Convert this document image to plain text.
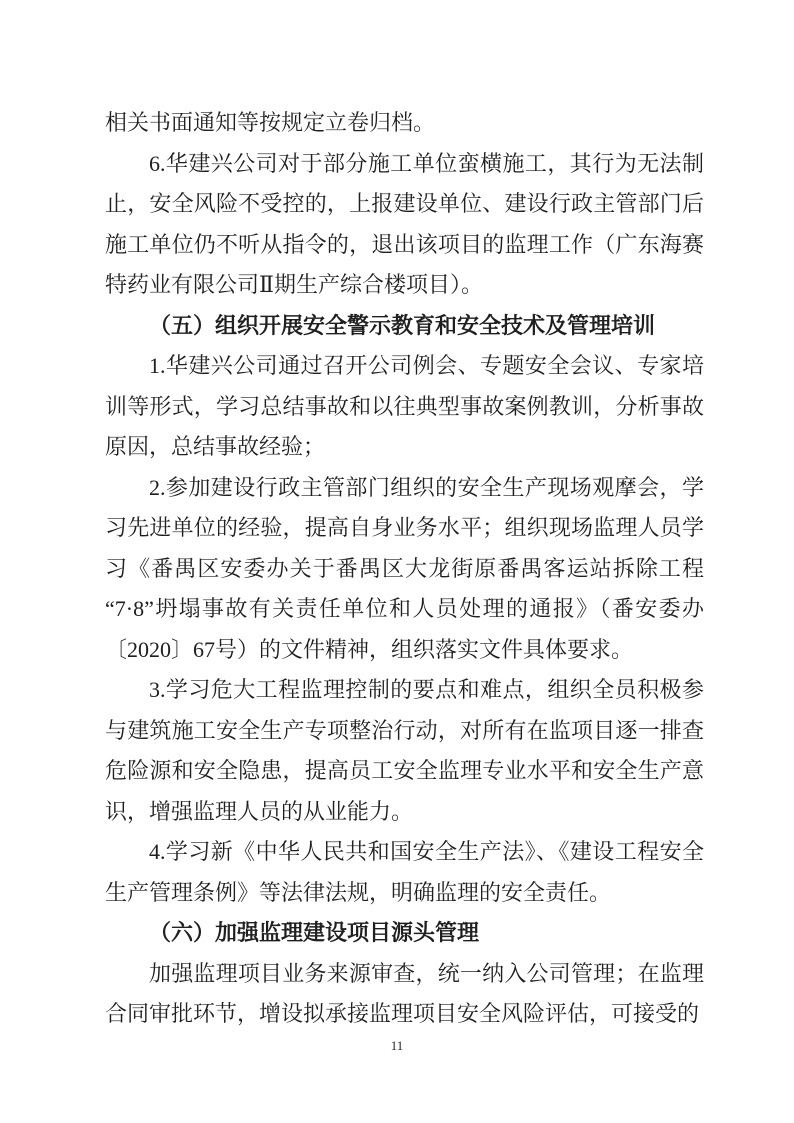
相关书面通知等按规定立卷归档。

6.华建兴公司对于部分施工单位蛮横施工，其行为无法制止，安全风险不受控的，上报建设单位、建设行政主管部门后施工单位仍不听从指令的，退出该项目的监理工作（广东海赛特药业有限公司Ⅱ期生产综合楼项目）。

（五）组织开展安全警示教育和安全技术及管理培训

1.华建兴公司通过召开公司例会、专题安全会议、专家培训等形式，学习总结事故和以往典型事故案例教训，分析事故原因，总结事故经验；

2.参加建设行政主管部门组织的安全生产现场观摩会，学习先进单位的经验，提高自身业务水平；组织现场监理人员学习《番禺区安委办关于番禺区大龙街原番禺客运站拆除工程“7·8”坍塌事故有关责任单位和人员处理的通报》（番安委办〔2020〕67号）的文件精神，组织落实文件具体要求。

3.学习危大工程监理控制的要点和难点，组织全员积极参与建筑施工安全生产专项整治行动，对所有在监项目逐一排查危险源和安全隐患，提高员工安全监理专业水平和安全生产意识，增强监理人员的从业能力。

4.学习新《中华人民共和国安全生产法》、《建设工程安全生产管理条例》等法律法规，明确监理的安全责任。

（六）加强监理建设项目源头管理

加强监理项目业务来源审查，统一纳入公司管理；在监理合同审批环节，增设拟承接监理项目安全风险评估，可接受的

11
